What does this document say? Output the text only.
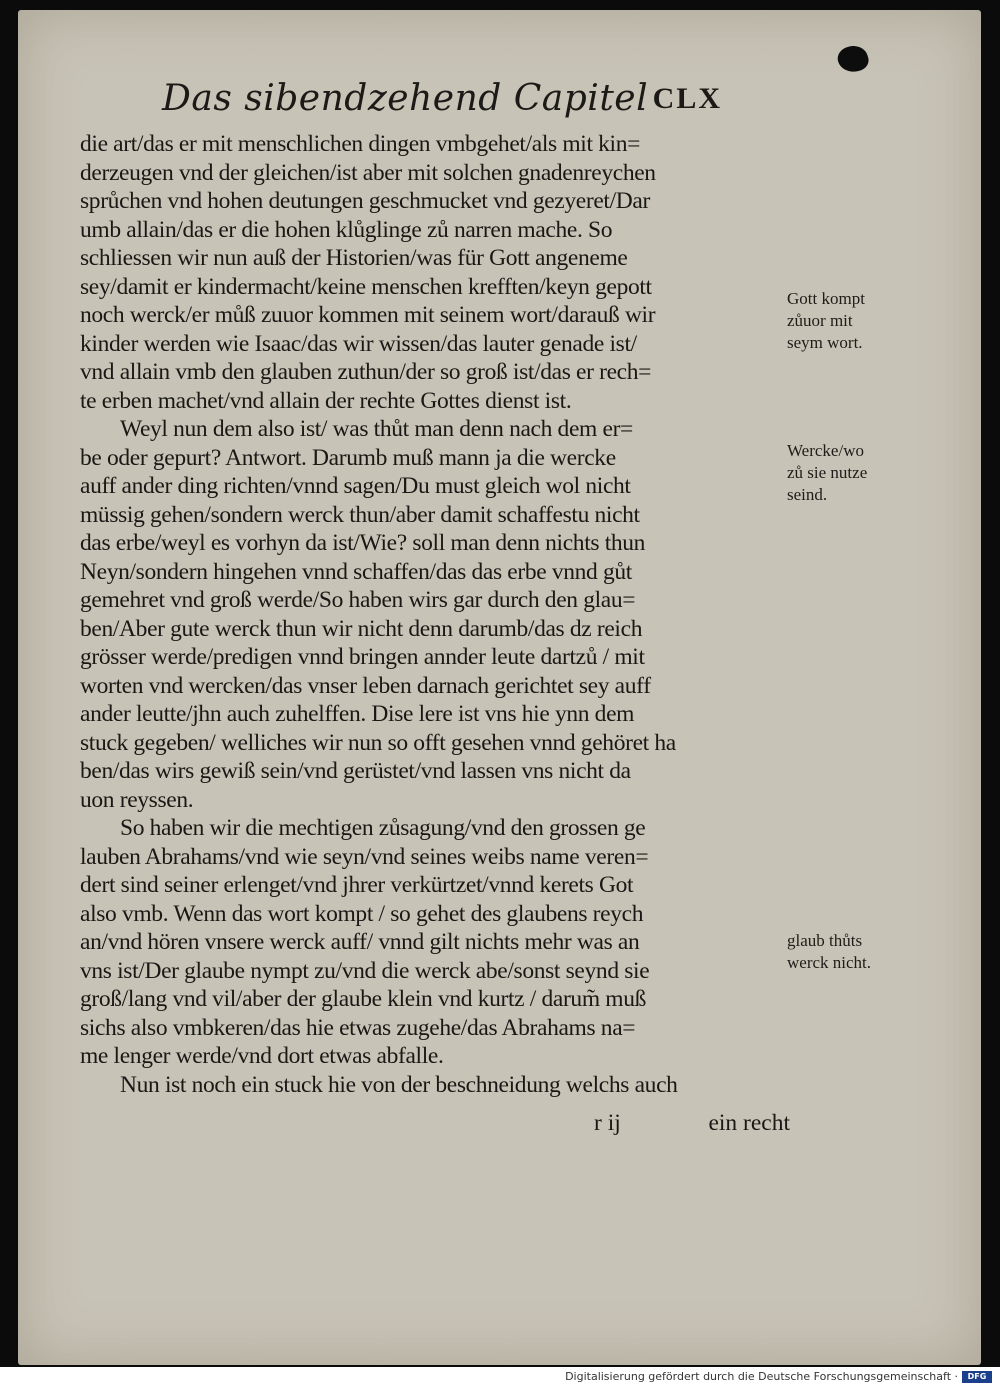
Das sibendzehend Capitel CLX
die art/das er mit menschlichen dingen vmbgehet/als mit kin=
derzeugen vnd der gleichen/ist aber mit solchen gnadenreychen
sprůchen vnd hohen deutungen geschmucket vnd gezyeret/Dar
umb allain/das er die hohen klůglinge zů narren mache. So
schliessen wir nun auß der Historien/was für Gott angeneme
sey/damit er kindermacht/keine menschen krefften/keyn gepott
noch werck/er můß zuuor kommen mit seinem wort/darauß wir
kinder werden wie Isaac/das wir wissen/das lauter genade ist/
vnd allain vmb den glauben zuthun/der so groß ist/das er rech=
te erben machet/vnd allain der rechte Gottes dienst ist.
Weyl nun dem also ist/ was thůt man denn nach dem er=
be oder gepurt? Antwort. Darumb muß mann ja die wercke
auff ander ding richten/vnnd sagen/Du must gleich wol nicht
müssig gehen/sondern werck thun/aber damit schaffestu nicht
das erbe/weyl es vorhyn da ist/Wie? soll man denn nichts thun
Neyn/sondern hingehen vnnd schaffen/das das erbe vnnd gůt
gemehret vnd groß werde/So haben wirs gar durch den glau=
ben/Aber gute werck thun wir nicht denn darumb/das dz reich
grösser werde/predigen vnnd bringen annder leute dartzů / mit
worten vnd wercken/das vnser leben darnach gerichtet sey auff
ander leutte/jhn auch zuhelffen. Dise lere ist vns hie ynn dem
stuck gegeben/ welliches wir nun so offt gesehen vnnd gehöret ha
ben/das wirs gewiß sein/vnd gerüstet/vnd lassen vns nicht da
uon reyssen.
So haben wir die mechtigen zůsagung/vnd den grossen ge
lauben Abrahams/vnd wie seyn/vnd seines weibs name veren=
dert sind seiner erlenget/vnd jhrer verkürtzet/vnnd kerets Got
also vmb. Wenn das wort kompt / so gehet des glaubens reych
an/vnd hören vnsere werck auff/ vnnd gilt nichts mehr was an
vns ist/Der glaube nympt zu/vnd die werck abe/sonst seynd sie
groß/lang vnd vil/aber der glaube klein vnd kurtz / darum̃ muß
sichs also vmbkeren/das hie etwas zugehe/das Abrahams na=
me lenger werde/vnd dort etwas abfalle.
Nun ist noch ein stuck hie von der beschneidung welchs auch
Gott kompt
zůuor mit
seym wort.
Wercke/wo
zů sie nutze
seind.
glaub thůts
werck nicht.
r ij	ein recht
Digitalisierung gefördert durch die Deutsche Forschungsgemeinschaft ·	DFG
